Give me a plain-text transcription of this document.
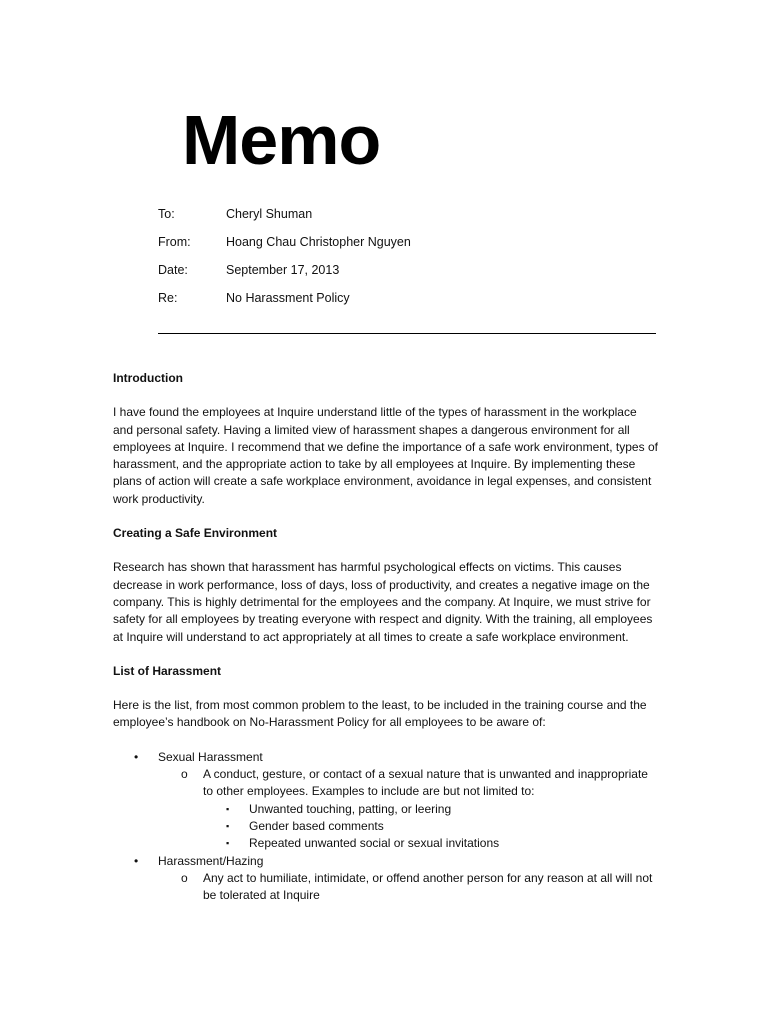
Memo
To:	Cheryl Shuman
From:	Hoang Chau Christopher Nguyen
Date:	September 17, 2013
Re:	No Harassment Policy
Introduction
I have found the employees at Inquire understand little of the types of harassment in the workplace and personal safety. Having a limited view of harassment shapes a dangerous environment for all employees at Inquire. I recommend that we define the importance of a safe work environment, types of harassment, and the appropriate action to take by all employees at Inquire. By implementing these plans of action will create a safe workplace environment, avoidance in legal expenses, and consistent work productivity.
Creating a Safe Environment
Research has shown that harassment has harmful psychological effects on victims. This causes decrease in work performance, loss of days, loss of productivity, and creates a negative image on the company. This is highly detrimental for the employees and the company. At Inquire, we must strive for safety for all employees by treating everyone with respect and dignity. With the training, all employees at Inquire will understand to act appropriately at all times to create a safe workplace environment.
List of Harassment
Here is the list, from most common problem to the least, to be included in the training course and the employee’s handbook on No-Harassment Policy for all employees to be aware of:
• Sexual Harassment
o A conduct, gesture, or contact of a sexual nature that is unwanted and inappropriate to other employees. Examples to include are but not limited to:
▪ Unwanted touching, patting, or leering
▪ Gender based comments
▪ Repeated unwanted social or sexual invitations
• Harassment/Hazing
o Any act to humiliate, intimidate, or offend another person for any reason at all will not be tolerated at Inquire
